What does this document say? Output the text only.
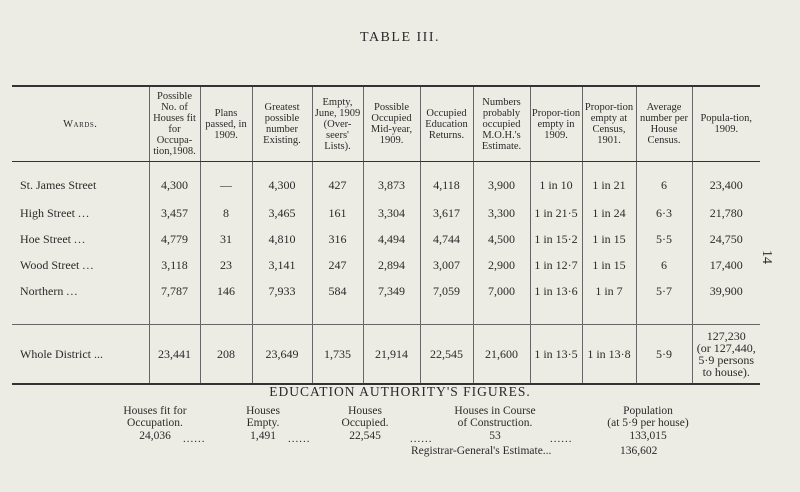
TABLE III.
14
Wards.	Possible No. of Houses fit for Occupa-tion,1908.	Plans passed, in 1909.	Greatest possible number Existing.	Empty, June, 1909 (Over-seers' Lists).	Possible Occupied Mid-year, 1909.	Occupied Education Returns.	Numbers probably occupied M.O.H.'s Estimate.	Propor-tion empty in 1909.	Propor-tion empty at Census, 1901.	Average number per House Census.	Popula-tion, 1909.
St. James Street	4,300	—	4,300	427	3,873	4,118	3,900	1 in 10	1 in 21	6	23,400
High Street ...	3,457	8	3,465	161	3,304	3,617	3,300	1 in 21·5	1 in 24	6·3	21,780
Hoe Street ...	4,779	31	4,810	316	4,494	4,744	4,500	1 in 15·2	1 in 15	5·5	24,750
Wood Street ...	3,118	23	3,141	247	2,894	3,007	2,900	1 in 12·7	1 in 15	6	17,400
Northern ...	7,787	146	7,933	584	7,349	7,059	7,000	1 in 13·6	1 in 7	5·7	39,900

Whole District ...	23,441	208	23,649	1,735	21,914	22,545	21,600	1 in 13·5	1 in 13·8	5·9	127,230
(or 127,440,
5·9 persons
to house).
EDUCATION AUTHORITY'S FIGURES.
Houses fit for
Occupation.
24,036	......
Houses
Empty.
1,491	......
Houses
Occupied.
22,545	......
Houses in Course
of Construction.
53	......
Population
(at 5·9 per house)
133,015
Registrar-General's Estimate...	136,602
